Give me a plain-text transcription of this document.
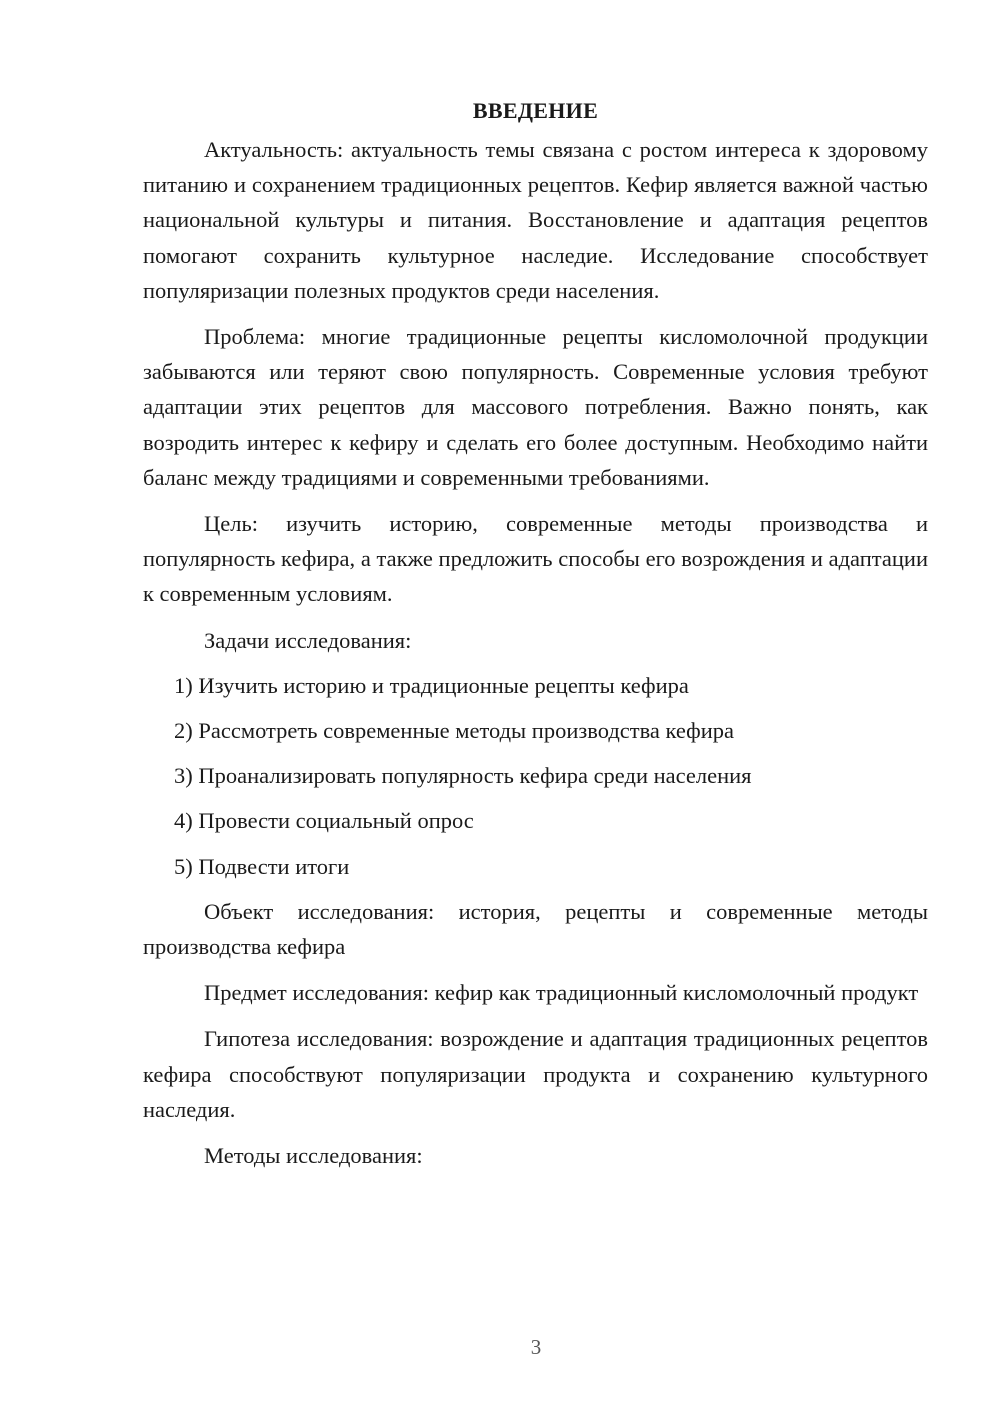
ВВЕДЕНИЕ

Актуальность: актуальность темы связана с ростом интереса к здоровому питанию и сохранением традиционных рецептов. Кефир является важной частью национальной культуры и питания. Восстановление и адаптация рецептов помогают сохранить культурное наследие. Исследование способствует популяризации полезных продуктов среди населения.

Проблема: многие традиционные рецепты кисломолочной продукции забываются или теряют свою популярность. Современные условия требуют адаптации этих рецептов для массового потребления. Важно понять, как возродить интерес к кефиру и сделать его более доступным. Необходимо найти баланс между традициями и современными требованиями.

Цель: изучить историю, современные методы производства и популярность кефира, а также предложить способы его возрождения и адаптации к современным условиям.

Задачи исследования:

1) Изучить историю и традиционные рецепты кефира

2) Рассмотреть современные методы производства кефира

3) Проанализировать популярность кефира среди населения

4) Провести социальный опрос

5) Подвести итоги

Объект исследования: история, рецепты и современные методы производства кефира

Предмет исследования: кефир как традиционный кисломолочный продукт

Гипотеза исследования: возрождение и адаптация традиционных рецептов кефира способствуют популяризации продукта и сохранению культурного наследия.

Методы исследования:

3
